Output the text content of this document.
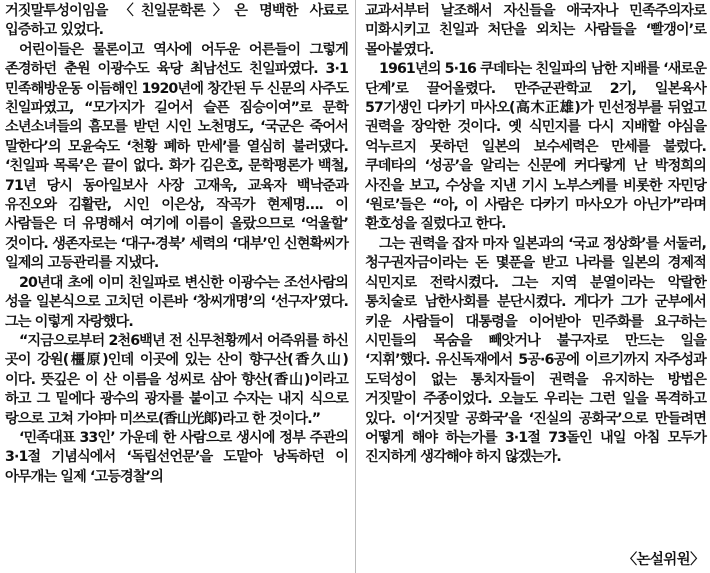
거짓말투성이임을 〈친일문학론〉은 명백한 사료로 입증하고 있었다.

어린이들은 물론이고 역사에 어두운 어른들이 그렇게 존경하던 춘원 이광수도 육당 최남선도 친일파였다. 3·1 민족해방운동 이듬해인 1920년에 창간된 두 신문의 사주도 친일파였고, “모가지가 길어서 슬픈 짐승이여”로 문학 소년소녀들의 흠모를 받던 시인 노천명도, ‘국군은 죽어서 말한다’의 모윤숙도 ‘천황 폐하 만세’를 열심히 불러댔다. ‘친일파 목록’은 끝이 없다. 화가 김은호, 문학평론가 백철, 71년 당시 동아일보사 사장 고재욱, 교육자 백낙준과 유진오와 김활란, 시인 이은상, 작곡가 현제명…. 이 사람들은 더 유명해서 여기에 이름이 올랐으므로 ‘억울할’ 것이다. 생존자로는 ‘대구·경북’ 세력의 ‘대부’인 신현확씨가 일제의 고등관리를 지냈다.

20년대 초에 이미 친일파로 변신한 이광수는 조선사람의 성을 일본식으로 고치던 이른바 ‘창씨개명’의 ‘선구자’였다. 그는 이렇게 자랑했다.

“지금으로부터 2천6백년 전 신무천황께서 어즉위를 하신 곳이 강원(橿原)인데 이곳에 있는 산이 향구산(香久山)이다. 뜻깊은 이 산 이름을 성씨로 삼아 향산(香山)이라고 하고 그 밑에다 광수의 광자를 붙이고 수자는 내지 식으로 랑으로 고쳐 가야마 미쓰로(香山光郞)라고 한 것이다.”

‘민족대표 33인’ 가운데 한 사람으로 생시에 정부 주관의 3·1절 기념식에서 ‘독립선언문’을 도맡아 낭독하던 이 아무개는 일제 ‘고등경찰’의

교과서부터 날조해서 자신들을 애국자나 민족주의자로 미화시키고 친일과 처단을 외치는 사람들을 ‘빨갱이’로 몰아붙였다.

1961년의 5·16 쿠데타는 친일파의 남한 지배를 ‘새로운 단계’로 끌어올렸다. 만주군관학교 2기, 일본육사 57기생인 다카기 마사오(高木正雄)가 민선정부를 뒤엎고 권력을 장악한 것이다. 옛 식민지를 다시 지배할 야심을 억누르지 못하던 일본의 보수세력은 만세를 불렀다. 쿠데타의 ‘성공’을 알리는 신문에 커다랗게 난 박정희의 사진을 보고, 수상을 지낸 기시 노부스케를 비롯한 자민당 ‘원로’들은 “아, 이 사람은 다카기 마사오가 아닌가”라며 환호성을 질렀다고 한다.

그는 권력을 잡자 마자 일본과의 ‘국교 정상화’를 서둘러, 청구권자금이라는 돈 몇푼을 받고 나라를 일본의 경제적 식민지로 전락시켰다. 그는 지역 분열이라는 악랄한 통치술로 남한사회를 분단시켰다. 게다가 그가 군부에서 키운 사람들이 대통령을 이어받아 민주화를 요구하는 시민들의 목숨을 빼앗거나 불구자로 만드는 일을 ‘지휘’했다. 유신독재에서 5공·6공에 이르기까지 자주성과 도덕성이 없는 통치자들이 권력을 유지하는 방법은 거짓말이 주종이었다. 오늘도 우리는 그런 일을 목격하고 있다. 이‘거짓말 공화국’을 ‘진실의 공화국’으로 만들려면 어떻게 해야 하는가를 3·1절 73돌인 내일 아침 모두가 진지하게 생각해야 하지 않겠는가.

〈논설위원〉
